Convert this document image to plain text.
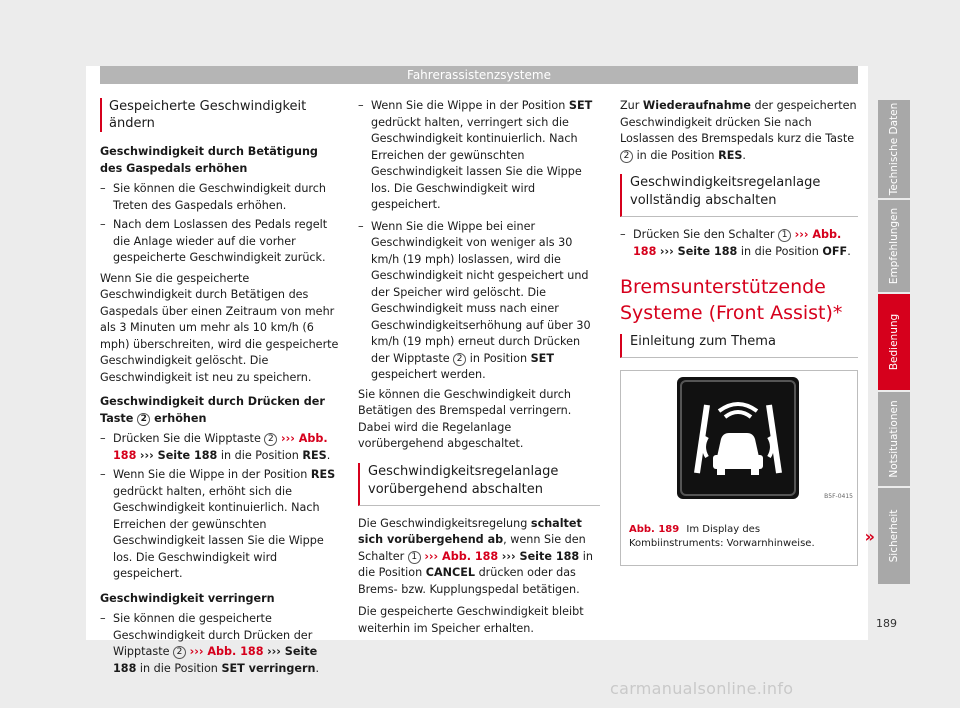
Fahrerassistenzsysteme
Gespeicherte Geschwindigkeit ändern
Geschwindigkeit durch Betätigung des Gaspedals erhöhen
– Sie können die Geschwindigkeit durch Treten des Gaspedals erhöhen.
– Nach dem Loslassen des Pedals regelt die Anlage wieder auf die vorher gespeicherte Geschwindigkeit zurück.

Wenn Sie die gespeicherte Geschwindigkeit durch Betätigen des Gaspedals über einen Zeitraum von mehr als 3 Minuten um mehr als 10 km/h (6 mph) überschreiten, wird die gespeicherte Geschwindigkeit gelöscht. Die Geschwindigkeit ist neu zu speichern.

Geschwindigkeit durch Drücken der Taste 2 erhöhen
– Drücken Sie die Wipptaste 2 ››› Abb. 188 ››› Seite 188 in die Position RES.
– Wenn Sie die Wippe in der Position RES gedrückt halten, erhöht sich die Geschwindigkeit kontinuierlich. Nach Erreichen der gewünschten Geschwindigkeit lassen Sie die Wippe los. Die Geschwindigkeit wird gespeichert.
Geschwindigkeit verringern
– Sie können die gespeicherte Geschwindigkeit durch Drücken der Wipptaste 2 ››› Abb. 188 ››› Seite 188 in die Position SET verringern.
– Wenn Sie die Wippe in der Position SET gedrückt halten, verringert sich die Geschwindigkeit kontinuierlich. Nach Erreichen der gewünschten Geschwindigkeit lassen Sie die Wippe los. Die Geschwindigkeit wird gespeichert.
– Wenn Sie die Wippe bei einer Geschwindigkeit von weniger als 30 km/h (19 mph) loslassen, wird die Geschwindigkeit nicht gespeichert und der Speicher wird gelöscht. Die Geschwindigkeit muss nach einer Geschwindigkeitserhöhung auf über 30 km/h (19 mph) erneut durch Drücken der Wipptaste 2 in Position SET gespeichert werden.

Sie können die Geschwindigkeit durch Betätigen des Bremspedal verringern. Dabei wird die Regelanlage vorübergehend abgeschaltet.

Geschwindigkeitsregelanlage vorübergehend abschalten

Die Geschwindigkeitsregelung schaltet sich vorübergehend ab, wenn Sie den Schalter 1 ››› Abb. 188 ››› Seite 188 in die Position CANCEL drücken oder das Brems- bzw. Kupplungspedal betätigen.

Die gespeicherte Geschwindigkeit bleibt weiterhin im Speicher erhalten.

Zur Wiederaufnahme der gespeicherten Geschwindigkeit drücken Sie nach Loslassen des Bremspedals kurz die Taste 2 in die Position RES.

Geschwindigkeitsregelanlage vollständig abschalten
– Drücken Sie den Schalter 1 ››› Abb. 188 ››› Seite 188 in die Position OFF.
Bremsunterstützende Systeme (Front Assist)*
Einleitung zum Thema
B5F-0415
Abb. 189 Im Display des Kombiinstruments: Vorwarnhinweise.	»
Technische Daten
Empfehlungen
Bedienung
Notsituationen
Sicherheit
189
carmanualsonline.info
